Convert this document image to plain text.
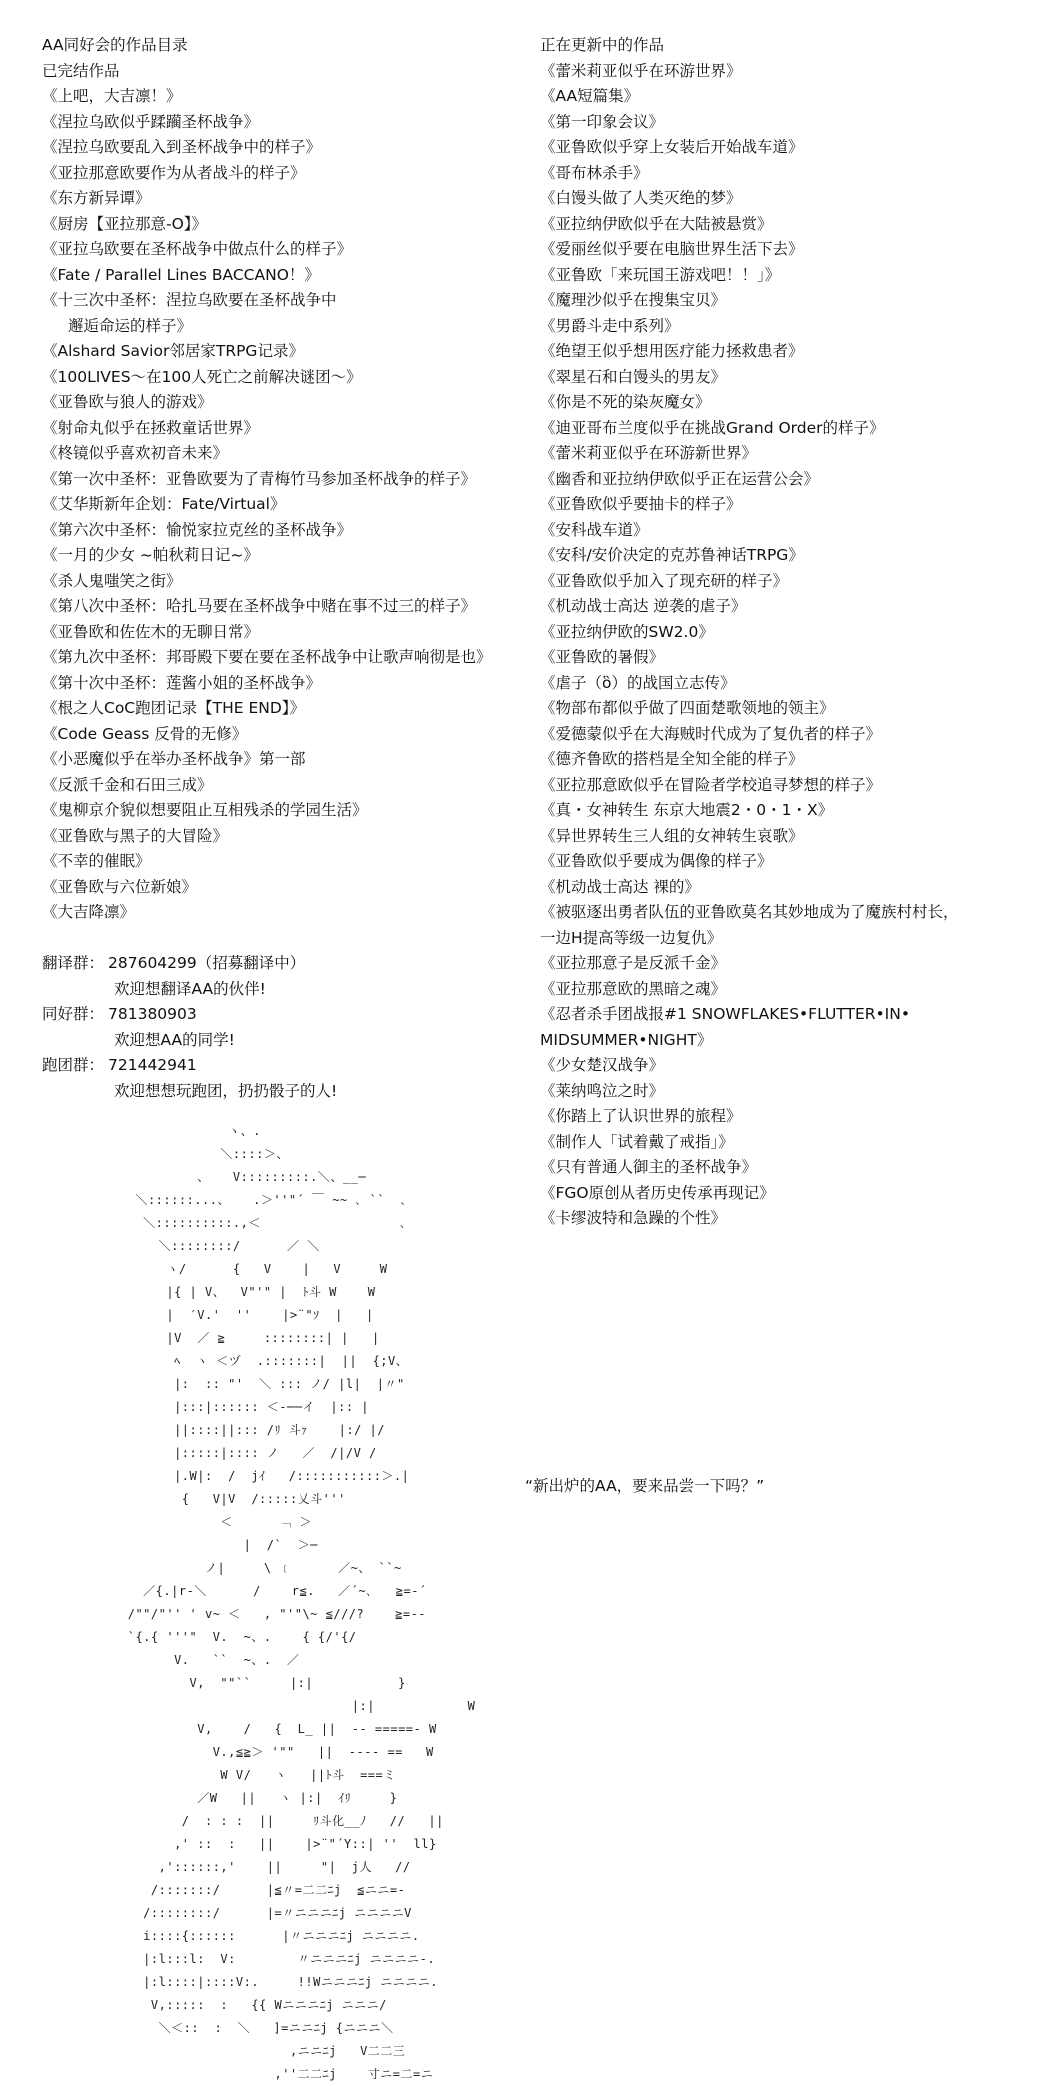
AA同好会的作品目录
已完结作品
《上吧，大吉凛！》
《涅拉乌欧似乎蹂躏圣杯战争》
《涅拉乌欧要乱入到圣杯战争中的样子》
《亚拉那意欧要作为从者战斗的样子》
《东方新异谭》
《厨房【亚拉那意-O】》
《亚拉乌欧要在圣杯战争中做点什么的样子》
《Fate / Parallel Lines BACCANO！》
《十三次中圣杯：涅拉乌欧要在圣杯战争中
邂逅命运的样子》
《Alshard Savior邻居家TRPG记录》
《100LIVES～在100人死亡之前解决谜团～》
《亚鲁欧与狼人的游戏》
《射命丸似乎在拯救童话世界》
《柊镜似乎喜欢初音未来》
《第一次中圣杯：亚鲁欧要为了青梅竹马参加圣杯战争的样子》
《艾华斯新年企划：Fate/Virtual》
《第六次中圣杯：愉悦家拉克丝的圣杯战争》
《一月的少女 ~帕秋莉日记~》
《杀人鬼嗤笑之街》
《第八次中圣杯：哈扎马要在圣杯战争中赌在事不过三的样子》
《亚鲁欧和佐佐木的无聊日常》
《第九次中圣杯：邦哥殿下要在要在圣杯战争中让歌声响彻是也》
《第十次中圣杯：莲酱小姐的圣杯战争》
《根之人CoC跑团记录【THE END】》
《Code Geass 反骨的无修》
《小恶魔似乎在举办圣杯战争》第一部
《反派千金和石田三成》
《鬼柳京介貌似想要阻止互相残杀的学园生活》
《亚鲁欧与黑子的大冒险》
《不幸的催眠》
《亚鲁欧与六位新娘》
《大吉降凛》
翻译群： 287604299（招募翻译中）
欢迎想翻译AA的伙伴!
同好群： 781380903
欢迎想AA的同学!
跑团群： 721442941
欢迎想想玩跑团，扔扔骰子的人!
正在更新中的作品
《蕾米莉亚似乎在环游世界》
《AA短篇集》
《第一印象会议》
《亚鲁欧似乎穿上女装后开始战车道》
《哥布林杀手》
《白馒头做了人类灭绝的梦》
《亚拉纳伊欧似乎在大陆被悬赏》
《爱丽丝似乎要在电脑世界生活下去》
《亚鲁欧「来玩国王游戏吧！！」》
《魔理沙似乎在搜集宝贝》
《男爵斗走中系列》
《绝望王似乎想用医疗能力拯救患者》
《翠星石和白馒头的男友》
《你是不死的染灰魔女》
《迪亚哥布兰度似乎在挑战Grand Order的样子》
《蕾米莉亚似乎在环游新世界》
《幽香和亚拉纳伊欧似乎正在运营公会》
《亚鲁欧似乎要抽卡的样子》
《安科战车道》
《安科/安价决定的克苏鲁神话TRPG》
《亚鲁欧似乎加入了现充研的样子》
《机动战士高达 逆袭的虐子》
《亚拉纳伊欧的SW2.0》
《亚鲁欧的暑假》
《虐子（ὃ）的战国立志传》
《物部布都似乎做了四面楚歌领地的领主》
《爱德蒙似乎在大海贼时代成为了复仇者的样子》
《德齐鲁欧的搭档是全知全能的样子》
《亚拉那意欧似乎在冒险者学校追寻梦想的样子》
《真・女神转生 东京大地震2・0・1・X》
《异世界转生三人组的女神转生哀歌》
《亚鲁欧似乎要成为偶像的样子》
《机动战士高达 裸的》
《被驱逐出勇者队伍的亚鲁欧莫名其妙地成为了魔族村村长，
一边H提高等级一边复仇》
《亚拉那意子是反派千金》
《亚拉那意欧的黑暗之魂》
《忍者杀手团战报#1 SNOWFLAKES•FLUTTER•IN•
MIDSUMMER•NIGHT》
《少女楚汉战争》
《莱纳鸣泣之时》
《你踏上了认识世界的旅程》
《制作人「试着戴了戒指」》
《只有普通人御主的圣杯战争》
《FGO原创从者历史传承再现记》
《卡缪波特和急躁的个性》
ヽ、.
＼::::＞、
、   V:::::::::.＼、__─
＼::::::...、   .＞''"´ ￣ ~~ ､ ``  ､
＼::::::::::.,＜                  ､
＼::::::::/      ／ ＼
ヽ/      {   V    |   V     W
|{ | V、  V"'" |  ﾄ斗 W    W
|  ′V.'  ''    |>¨"ｿ  |   |
|V  ／ ≧     ::::::::| |   |
ﾍ  ヽ ＜ヅ  .:::::::|  ||  {;V、
|:  :: "'  ＼ ::: ノ/ |l|  |〃"
|:::|:::::: ＜-──イ  |:: |
||::::||::: /ﾘ 斗ｧ    |:/ |/
|:::::|:::: ノ   ／  /|/V /
|.W|:  /  jｲ   /:::::::::::＞.|
{   V|V  /:::::乂斗'''
＜      ﹁ ＞
|  /`  ＞─
ノ|     \ ﹝      ／~、 ``~
／{.|r-＼      /    r≦.   ／´~､   ≧=-´
/""/"'' ' v~ ＜   , "'"\~ ≦///?    ≧=--
`{.{ '''"  V.  ~、.    { {/'{/
V.   ``  ~、.  ／
V,  ""``     |:|           }
|:|            W
V,    /   {  L_ ||  -- =====- W
V.,≦≧＞ '""   ||  ---- ==   W
W V/   ヽ   ||ﾄ斗  ===ミ
／W   ||   ヽ |:|  ｲﾘ     }
/  : : :  ||     ﾘ斗化__ﾉ   //   ||
,' ::  :   ||    |>¨"´Y::| ''  ll}
,'::::::,'    ||     "|  j人   //
/:::::::/      |≦〃=二二ﾆj  ≦ニニ=-
/::::::::/      |=〃ニニニﾆj ニニニニV
i::::{::::::      |〃ニニニﾆj ニニニニ.
|:l:::l:  V:        〃ニニニﾆj ニニニニ-.
|:l::::|::::V:.     !!Wニニニﾆj ニニニニ.
V,:::::  :   {{ Wニニニﾆj ニニニ/
＼＜::  :  ＼   ]=ニニﾆj {ニニニ＼
,ニニﾆj   V二二三
,''二二ﾆj    寸ニ=二=ニ

“新出炉的AA，要来品尝一下吗？”
